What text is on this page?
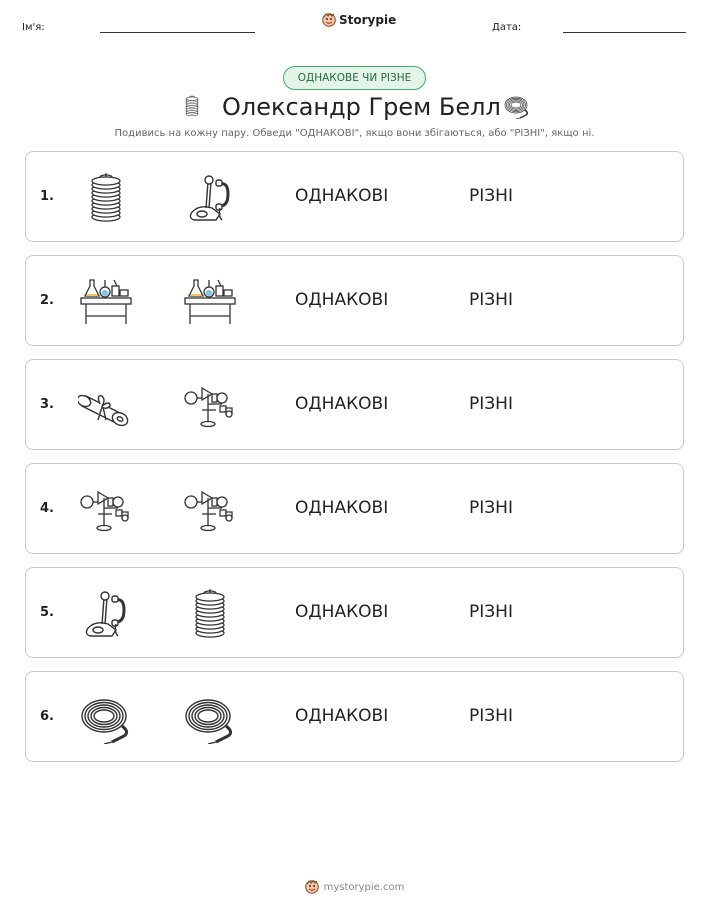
Ім'я:
Storypie
Дата:
ОДНАКОВЕ ЧИ РІЗНЕ
Олександр Грем Белл
Подивись на кожну пару. Обведи "ОДНАКОВІ", якщо вони збігаються, або "РІЗНІ", якщо ні.
1.	ОДНАКОВІ	РІЗНІ
2.	ОДНАКОВІ	РІЗНІ
3.	ОДНАКОВІ	РІЗНІ
4.	ОДНАКОВІ	РІЗНІ
5.	ОДНАКОВІ	РІЗНІ
6.	ОДНАКОВІ	РІЗНІ
mystorypie.com
